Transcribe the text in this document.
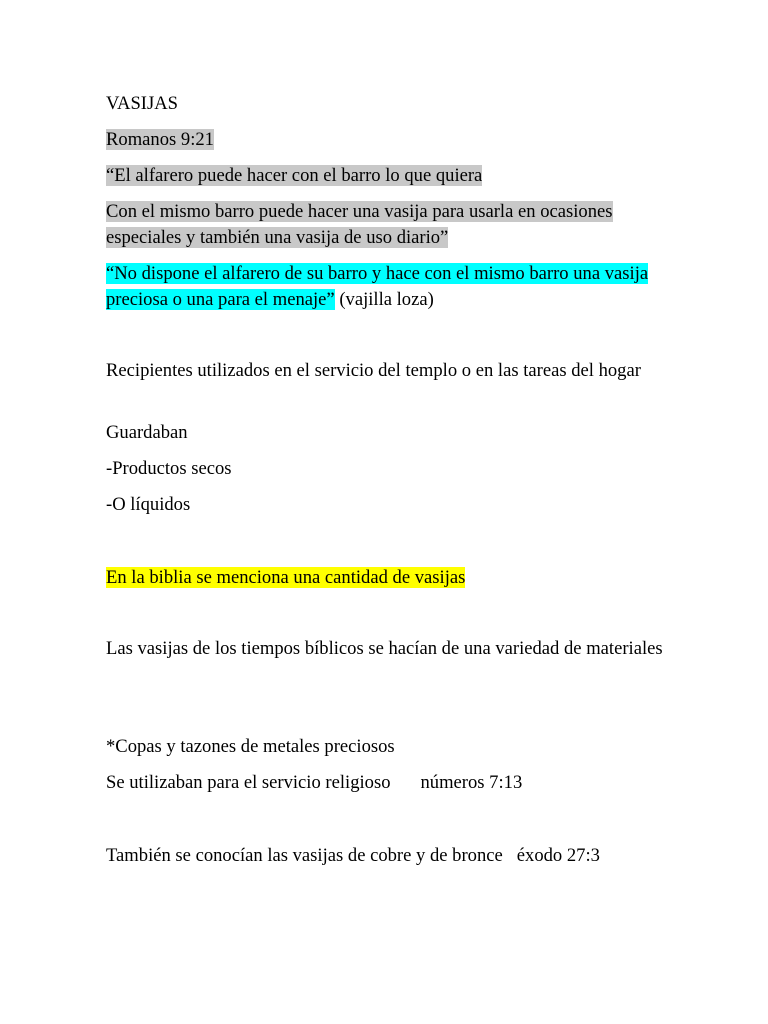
VASIJAS

Romanos 9:21

“El alfarero puede hacer con el barro lo que quiera

Con el mismo barro puede hacer una vasija para usarla en ocasiones especiales y también una vasija de uso diario”

“No dispone el alfarero de su barro y hace con el mismo barro una vasija preciosa o una para el menaje” (vajilla loza)

Recipientes utilizados en el servicio del templo o en las tareas del hogar

Guardaban

-Productos secos

-O líquidos

En la biblia se menciona una cantidad de vasijas

Las vasijas de los tiempos bíblicos se hacían de una variedad de materiales

*Copas y tazones de metales preciosos

Se utilizaban para el servicio religioso números 7:13

También se conocían las vasijas de cobre y de bronce éxodo 27:3
